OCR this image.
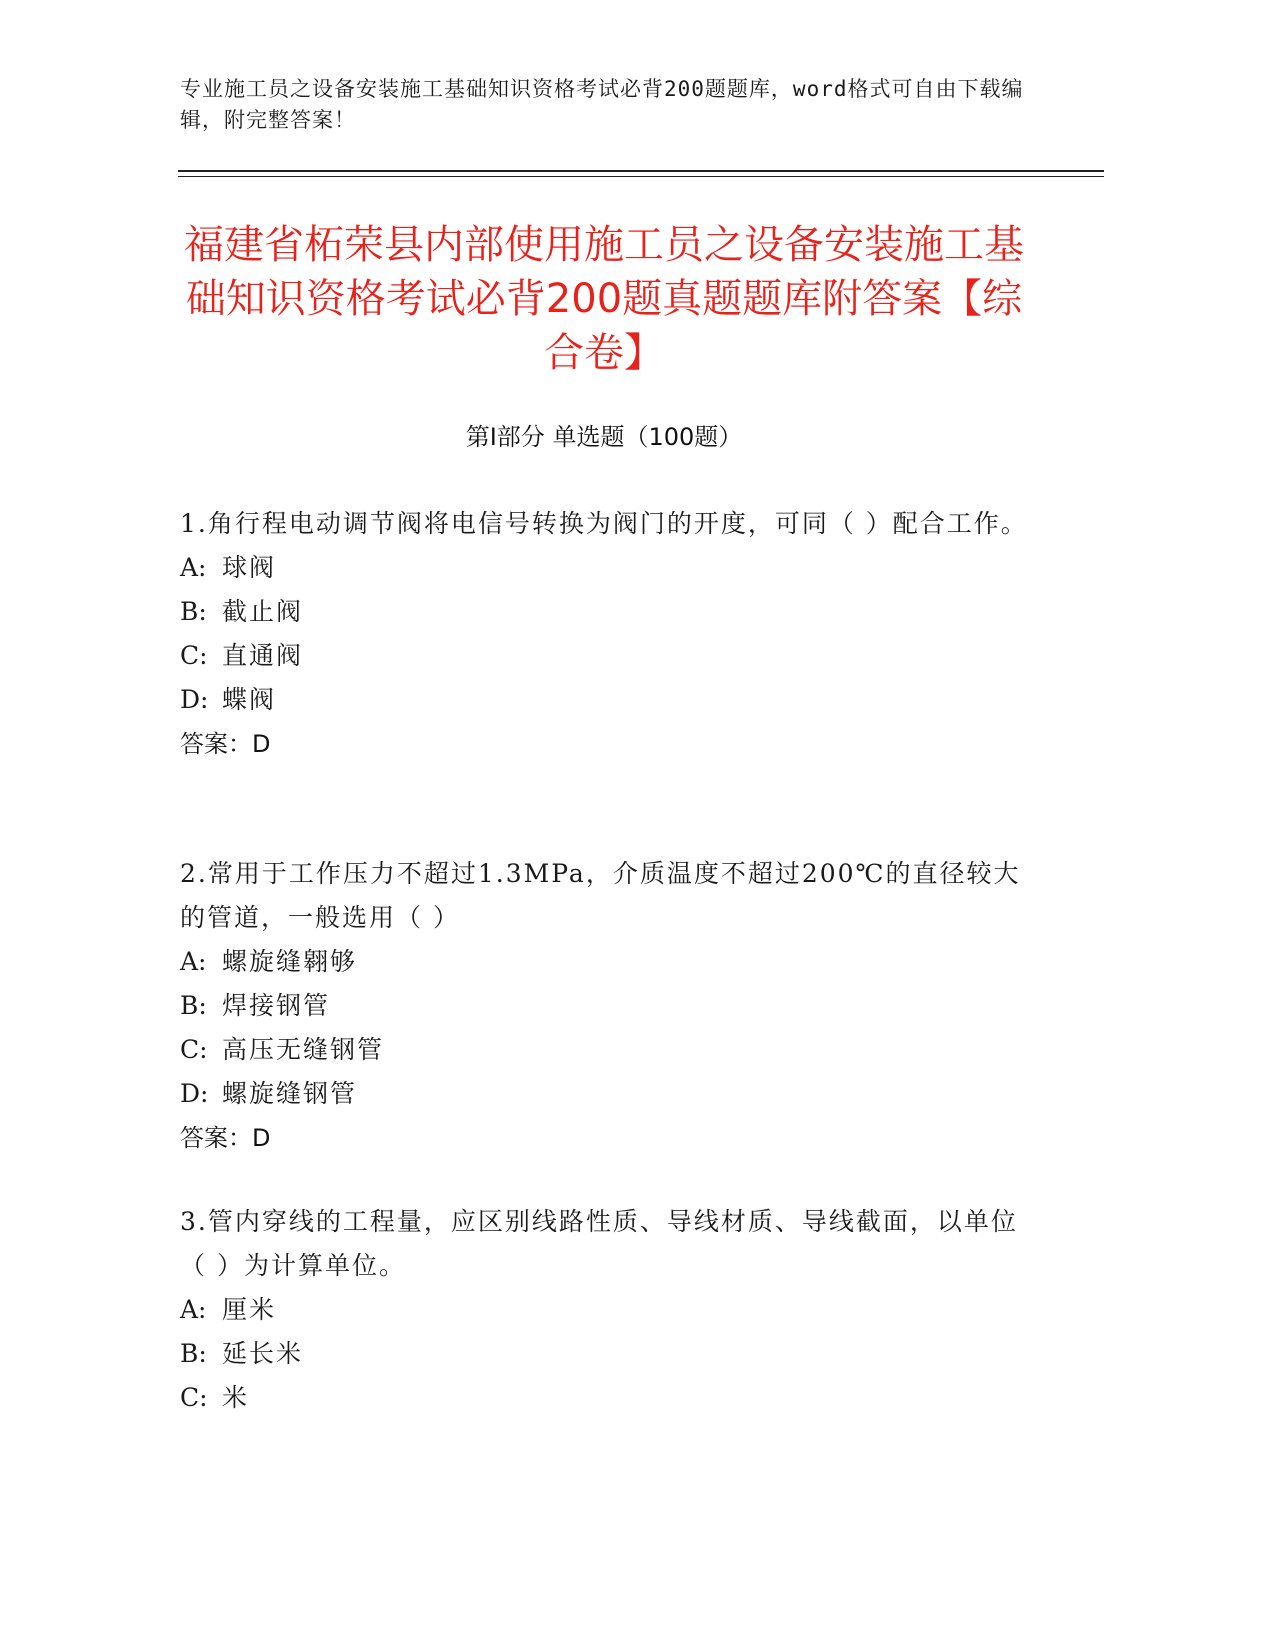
专业施工员之设备安装施工基础知识资格考试必背200题题库，word格式可自由下载编辑，附完整答案！
福建省柘荣县内部使用施工员之设备安装施工基础知识资格考试必背200题真题题库附答案【综合卷】
第Ⅰ部分 单选题（100题）
1.角行程电动调节阀将电信号转换为阀门的开度，可同（ ）配合工作。
A: 球阀
B: 截止阀
C: 直通阀
D: 蝶阀
答案：D
2.常用于工作压力不超过1.3MPa，介质温度不超过200℃的直径较大的管道，一般选用（ ）
A: 螺旋缝翱够
B: 焊接钢管
C: 高压无缝钢管
D: 螺旋缝钢管
答案：D
3.管内穿线的工程量，应区别线路性质、导线材质、导线截面，以单位（ ）为计算单位。
A: 厘米
B: 延长米
C: 米
